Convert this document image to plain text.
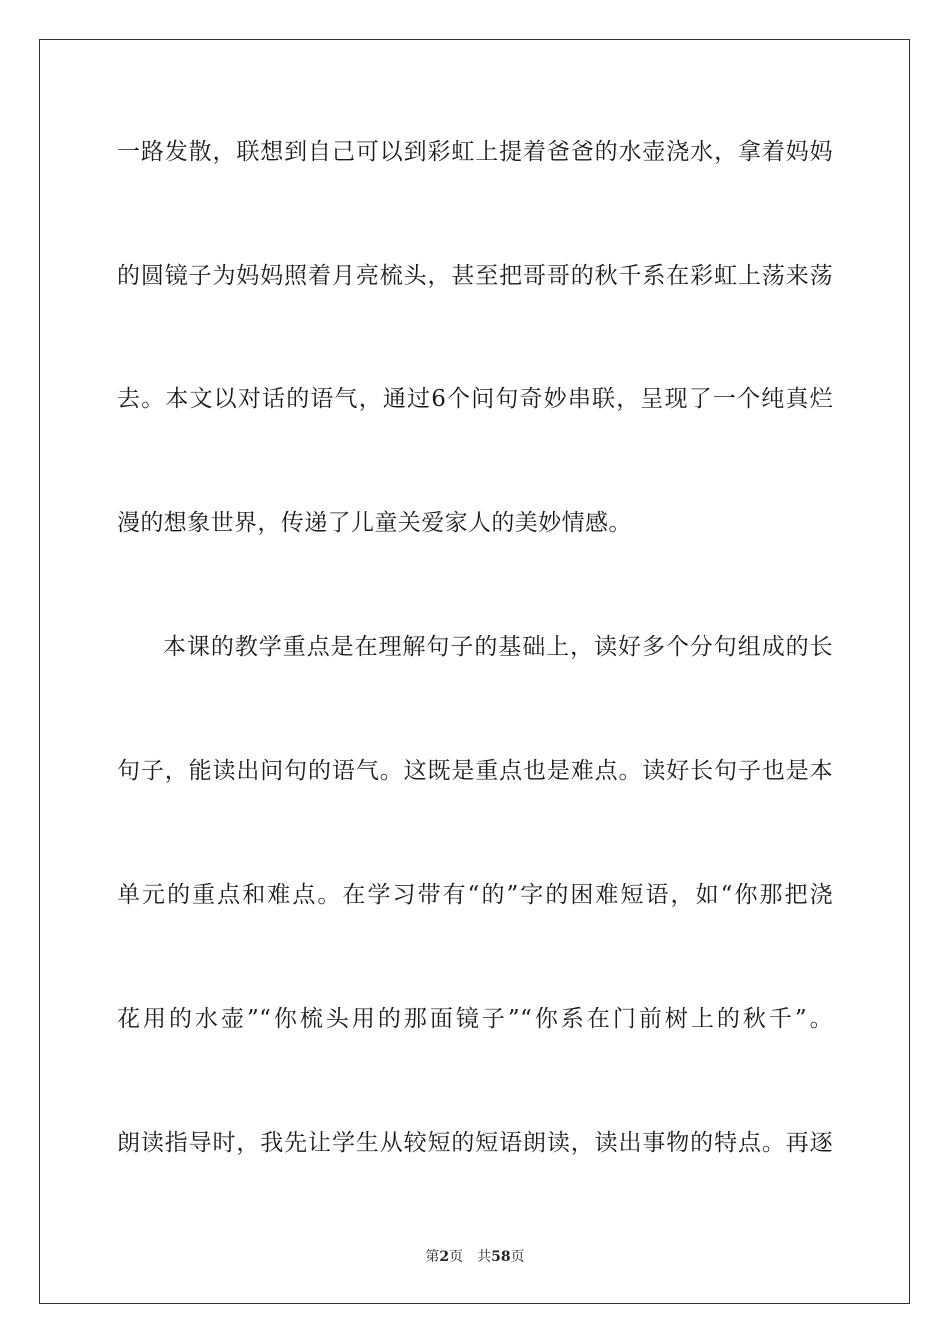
一路发散，联想到自己可以到彩虹上提着爸爸的水壶浇水，拿着妈妈
的圆镜子为妈妈照着月亮梳头，甚至把哥哥的秋千系在彩虹上荡来荡
去。本文以对话的语气，通过6个问句奇妙串联，呈现了一个纯真烂
漫的想象世界，传递了儿童关爱家人的美妙情感。
本课的教学重点是在理解句子的基础上，读好多个分句组成的长
句子，能读出问句的语气。这既是重点也是难点。读好长句子也是本
单元的重点和难点。在学习带有“的”字的困难短语，如“你那把浇
花用的水壶”“你梳头用的那面镜子”“你系在门前树上的秋千”。
朗读指导时，我先让学生从较短的短语朗读，读出事物的特点。再逐
第2页 共58页
